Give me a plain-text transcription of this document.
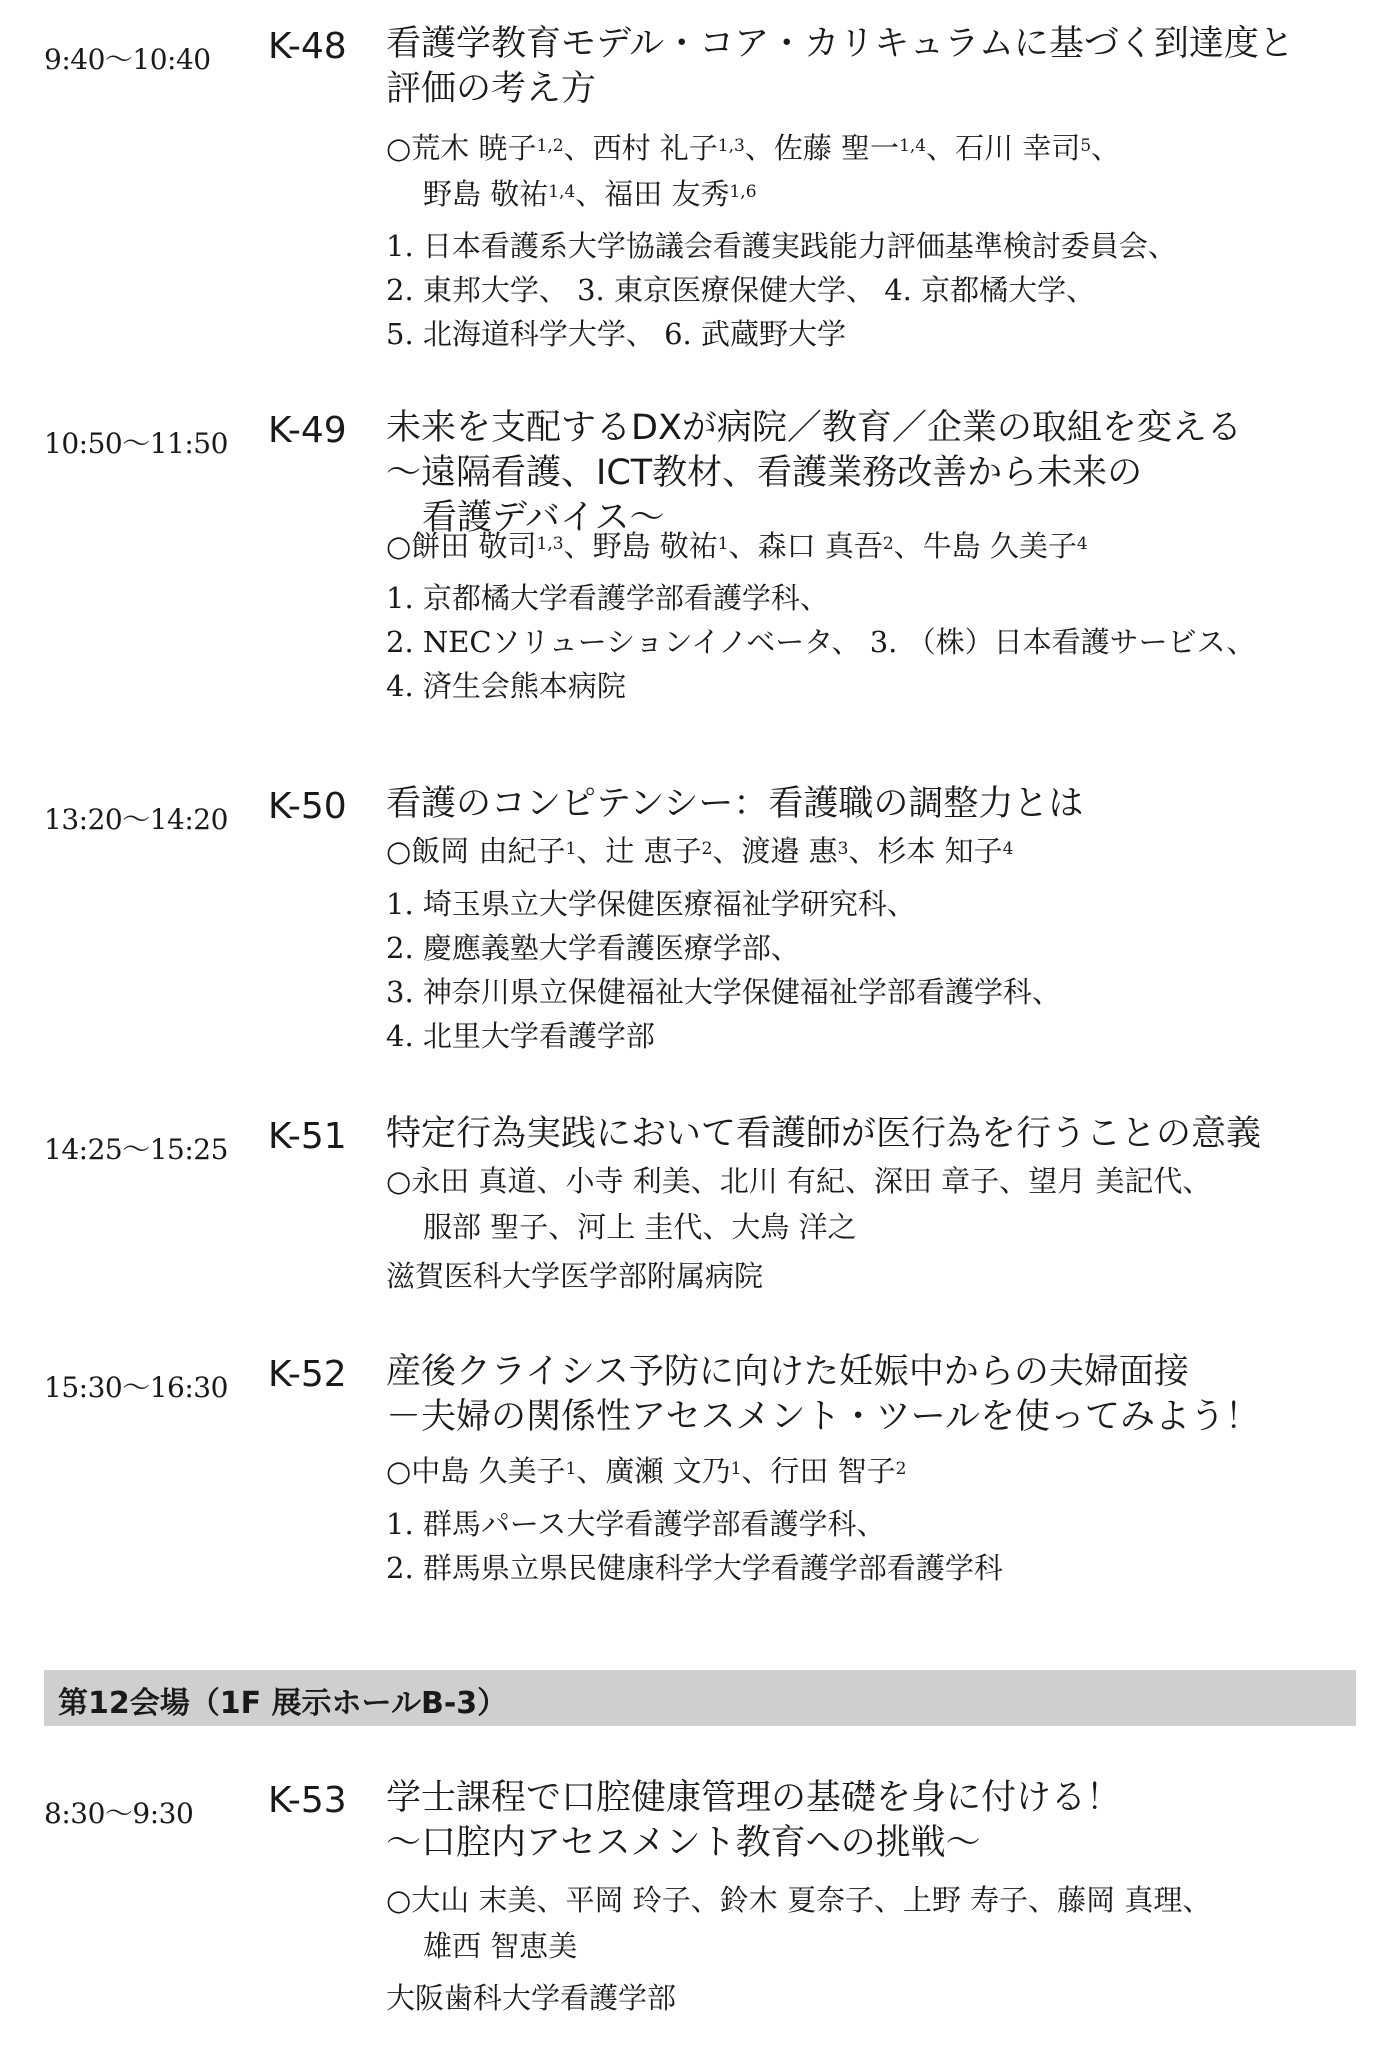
9:40〜10:40 K-48 看護学教育モデル・コア・カリキュラムに基づく到達度と
評価の考え方
○荒木 暁子$^{1,2}$、西村 礼子$^{1,3}$、佐藤 聖一$^{1,4}$、石川 幸司$^5$、
野島 敬祐$^{1,4}$、福田 友秀$^{1,6}$
1. 日本看護系大学協議会看護実践能力評価基準検討委員会、
2. 東邦大学、 3. 東京医療保健大学、 4. 京都橘大学、
5. 北海道科学大学、 6. 武蔵野大学
10:50〜11:50 K-49 未来を支配するDXが病院／教育／企業の取組を変える
〜遠隔看護、ICT教材、看護業務改善から未来の
看護デバイス〜
○餅田 敬司$^{1,3}$、野島 敬祐$^1$、森口 真吾$^2$、牛島 久美子$^4$
1. 京都橘大学看護学部看護学科、
2. NECソリューションイノベータ、 3. （株）日本看護サービス、
4. 済生会熊本病院
13:20〜14:20 K-50 看護のコンピテンシー：看護職の調整力とは
○飯岡 由紀子$^1$、辻 恵子$^2$、渡邉 惠$^3$、杉本 知子$^4$
1. 埼玉県立大学保健医療福祉学研究科、
2. 慶應義塾大学看護医療学部、
3. 神奈川県立保健福祉大学保健福祉学部看護学科、
4. 北里大学看護学部
14:25〜15:25 K-51 特定行為実践において看護師が医行為を行うことの意義
○永田 真道、小寺 利美、北川 有紀、深田 章子、望月 美記代、
服部 聖子、河上 圭代、大鳥 洋之
滋賀医科大学医学部附属病院
15:30〜16:30 K-52 産後クライシス予防に向けた妊娠中からの夫婦面接
－夫婦の関係性アセスメント・ツールを使ってみよう！
○中島 久美子$^1$、廣瀬 文乃$^1$、行田 智子$^2$
1. 群馬パース大学看護学部看護学科、
2. 群馬県立県民健康科学大学看護学部看護学科
8:30〜9:30 K-53 学士課程で口腔健康管理の基礎を身に付ける！
〜口腔内アセスメント教育への挑戦〜
○大山 末美、平岡 玲子、鈴木 夏奈子、上野 寿子、藤岡 真理、
雄西 智恵美
大阪歯科大学看護学部
第12会場（1F 展示ホールB-3）
